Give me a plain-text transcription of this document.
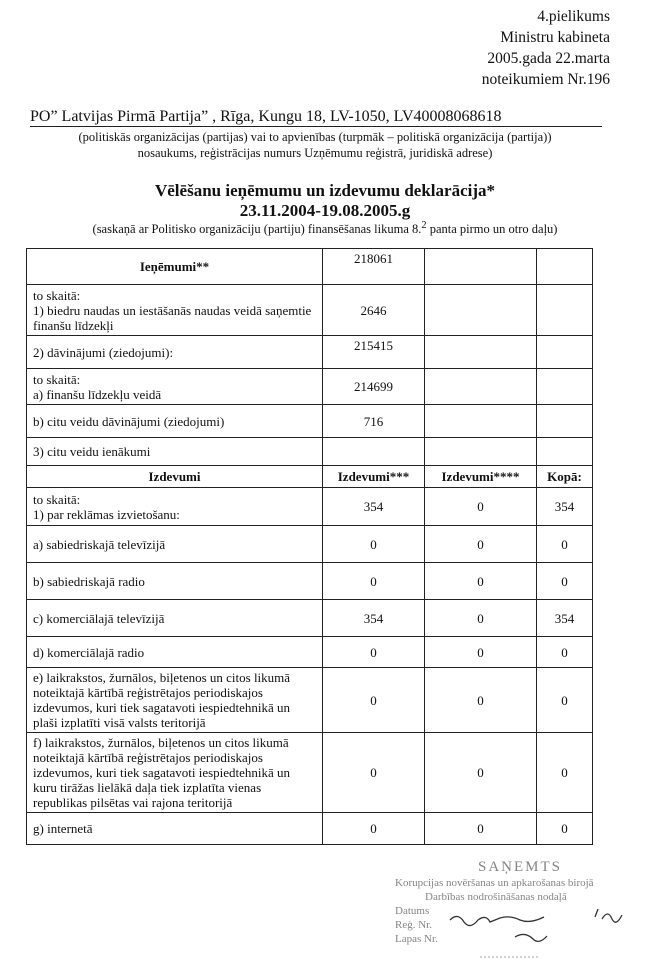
4.pielikums
Ministru kabineta
2005.gada 22.marta
noteikumiem Nr.196
PO” Latvijas Pirmā Partija” , Rīga, Kungu 18, LV-1050, LV40008068618
(politiskās organizācijas (partijas) vai to apvienības (turpmāk – politiskā organizācija (partija))
nosaukums, reģistrācijas numurs Uzņēmumu reģistrā, juridiskā adrese)
Vēlēšanu ieņēmumu un izdevumu deklarācija*
23.11.2004-19.08.2005.g
(saskaņā ar Politisko organizāciju (partiju) finansēšanas likuma 8.$^2$ panta pirmo un otro daļu)
Ieņēmumi**	218061		

to skaitā:
1) biedru naudas un iestāšanās naudas veidā saņemtie finanšu līdzekļi	2646		
2) dāvinājumi (ziedojumi):	215415		

to skaitā:
a) finanšu līdzekļu veidā	214699		
b) citu veidu dāvinājumi (ziedojumi)	716		
3) citu veidu ienākumi			
Izdevumi	Izdevumi***	Izdevumi****	Kopā:

to skaitā:
1) par reklāmas izvietošanu:	354	0	354
a) sabiedriskajā televīzijā	0	0	0
b) sabiedriskajā radio	0	0	0
c) komerciālajā televīzijā	354	0	354
d) komerciālajā radio	0	0	0
e) laikrakstos, žurnālos, biļetenos un citos likumā noteiktajā kārtībā reģistrētajos periodiskajos izdevumos, kuri tiek sagatavoti iespiedtehnikā un plaši izplatīti visā valsts teritorijā	0	0	0
f) laikrakstos, žurnālos, biļetenos un citos likumā noteiktajā kārtībā reģistrētajos periodiskajos izdevumos, kuri tiek sagatavoti iespiedtehnikā un kuru tirāžas lielākā daļa tiek izplatīta vienas republikas pilsētas vai rajona teritorijā	0	0	0
g) internetā	0	0	0
SAŅEMTS
Korupcijas novēršanas un apkarošanas birojā
Darbības nodrošināšanas nodaļā
Datums
Reģ. Nr.
Lapas Nr.
